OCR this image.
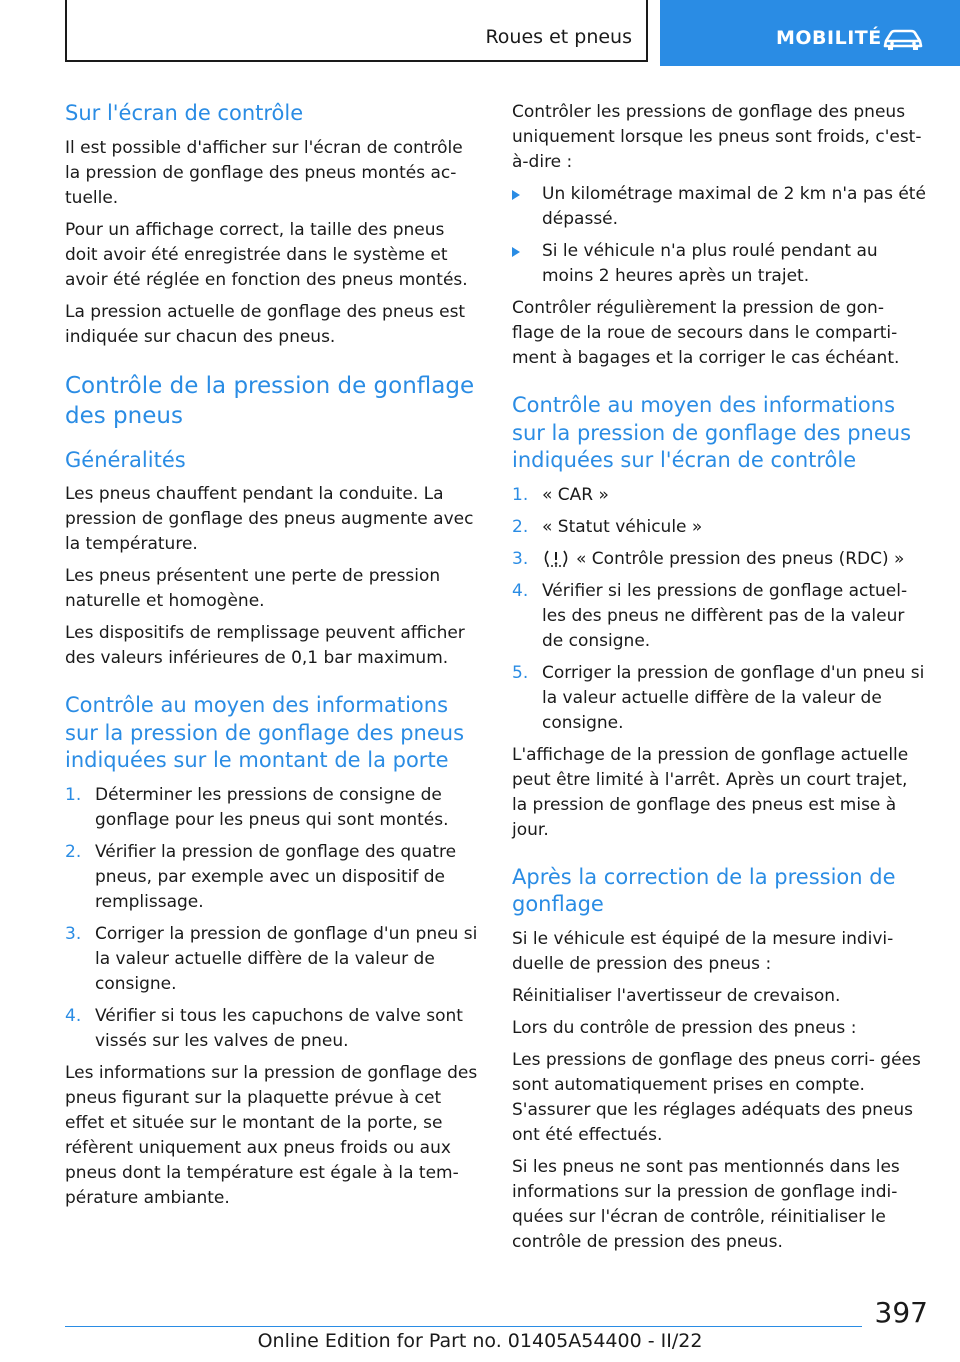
Roues et pneus	MOBILITÉ
Sur l'écran de contrôle

Il est possible d'afficher sur l'écran de contrôle la pression de gonflage des pneus montés ac- tuelle.

Pour un affichage correct, la taille des pneus doit avoir été enregistrée dans le système et avoir été réglée en fonction des pneus montés.

La pression actuelle de gonflage des pneus est indiquée sur chacun des pneus.

Contrôle de la pression de gonflage des pneus
Généralités

Les pneus chauffent pendant la conduite. La pression de gonflage des pneus augmente avec la température.

Les pneus présentent une perte de pression naturelle et homogène.

Les dispositifs de remplissage peuvent afficher des valeurs inférieures de 0,1 bar maximum.

Contrôle au moyen des informations sur la pression de gonflage des pneus indiquées sur le montant de la porte
1. Déterminer les pressions de consigne de gonflage pour les pneus qui sont montés.
2. Vérifier la pression de gonflage des quatre pneus, par exemple avec un dispositif de remplissage.
3. Corriger la pression de gonflage d'un pneu si la valeur actuelle diffère de la valeur de consigne.
4. Vérifier si tous les capuchons de valve sont vissés sur les valves de pneu.

Les informations sur la pression de gonflage des pneus figurant sur la plaquette prévue à cet effet et située sur le montant de la porte, se réfèrent uniquement aux pneus froids ou aux pneus dont la température est égale à la tem- pérature ambiante.

Contrôler les pressions de gonflage des pneus uniquement lorsque les pneus sont froids, c'est-à-dire :

Un kilométrage maximal de 2 km n'a pas été dépassé.
Si le véhicule n'a plus roulé pendant au moins 2 heures après un trajet.

Contrôler régulièrement la pression de gon- flage de la roue de secours dans le comparti- ment à bagages et la corriger le cas échéant.

Contrôle au moyen des informations sur la pression de gonflage des pneus indiquées sur l'écran de contrôle
1. « CAR »
2. « Statut véhicule »
3.	« Contrôle pression des pneus (RDC) »
4. Vérifier si les pressions de gonflage actuel- les des pneus ne diffèrent pas de la valeur de consigne.
5. Corriger la pression de gonflage d'un pneu si la valeur actuelle diffère de la valeur de consigne.

L'affichage de la pression de gonflage actuelle peut être limité à l'arrêt. Après un court trajet, la pression de gonflage des pneus est mise à jour.

Après la correction de la pression de gonflage

Si le véhicule est équipé de la mesure indivi- duelle de pression des pneus :

Réinitialiser l'avertisseur de crevaison.

Lors du contrôle de pression des pneus :

Les pressions de gonflage des pneus corri- gées sont automatiquement prises en compte. S'assurer que les réglages adéquats des pneus ont été effectués.

Si les pneus ne sont pas mentionnés dans les informations sur la pression de gonflage indi- quées sur l'écran de contrôle, réinitialiser le contrôle de pression des pneus.

397
Online Edition for Part no. 01405A54400 - II/22
